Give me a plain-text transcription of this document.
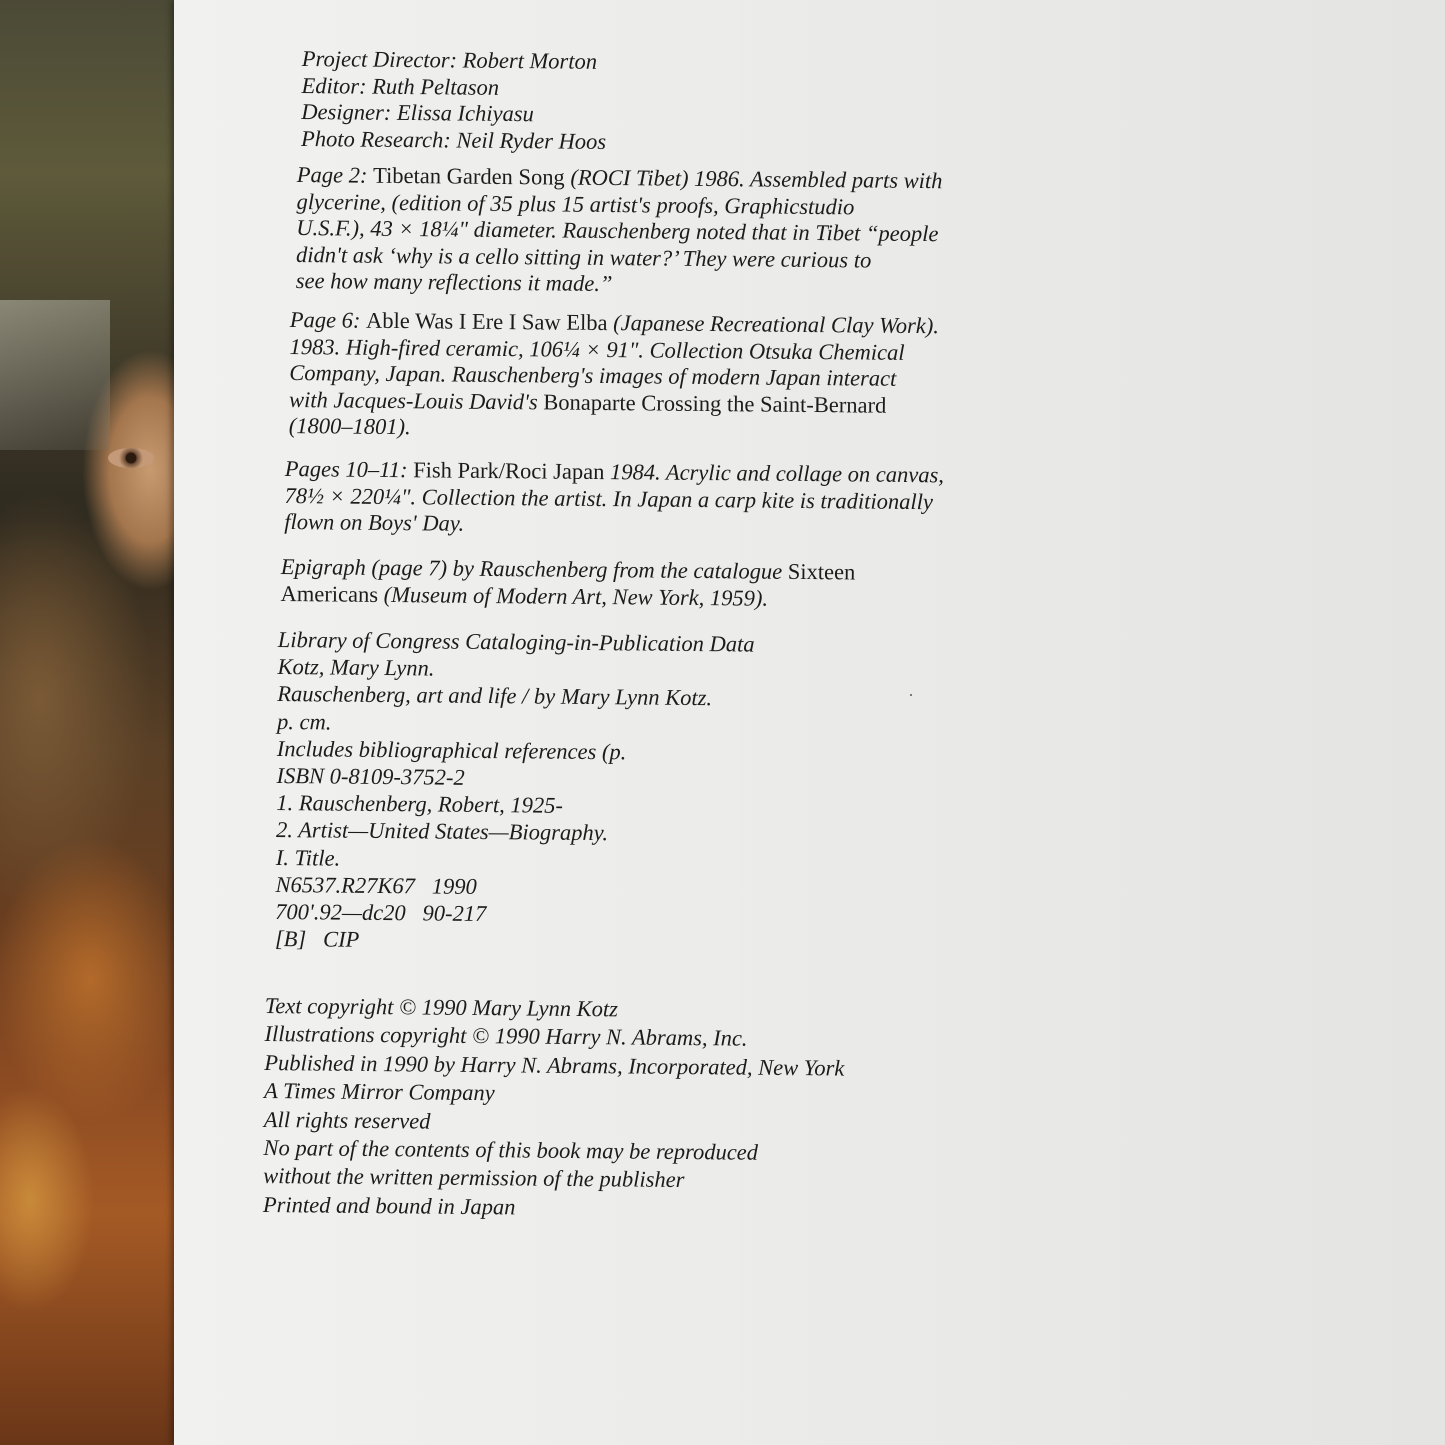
Project Director: Robert Morton
Editor: Ruth Peltason
Designer: Elissa Ichiyasu
Photo Research: Neil Ryder Hoos
Page 2: Tibetan Garden Song (ROCI Tibet) 1986. Assembled parts with
glycerine, (edition of 35 plus 15 artist's proofs, Graphicstudio
U.S.F.), 43 × 18¼" diameter. Rauschenberg noted that in Tibet “people
didn't ask ‘why is a cello sitting in water?’ They were curious to
see how many reflections it made.”
Page 6: Able Was I Ere I Saw Elba (Japanese Recreational Clay Work).
1983. High-fired ceramic, 106¼ × 91". Collection Otsuka Chemical
Company, Japan. Rauschenberg's images of modern Japan interact
with Jacques-Louis David's Bonaparte Crossing the Saint-Bernard
(1800–1801).
Pages 10–11: Fish Park/Roci Japan 1984. Acrylic and collage on canvas,
78½ × 220¼". Collection the artist. In Japan a carp kite is traditionally
flown on Boys' Day.
Epigraph (page 7) by Rauschenberg from the catalogue Sixteen
Americans (Museum of Modern Art, New York, 1959).
Library of Congress Cataloging-in-Publication Data
Kotz, Mary Lynn.
Rauschenberg, art and life / by Mary Lynn Kotz.
p. cm.
Includes bibliographical references (p.
ISBN 0-8109-3752-2
1. Rauschenberg, Robert, 1925-
2. Artist—United States—Biography.
I. Title.
N6537.R27K67   1990
700'.92—dc20   90-217
[B]   CIP
Text copyright © 1990 Mary Lynn Kotz
Illustrations copyright © 1990 Harry N. Abrams, Inc.
Published in 1990 by Harry N. Abrams, Incorporated, New York
A Times Mirror Company
All rights reserved
No part of the contents of this book may be reproduced
without the written permission of the publisher
Printed and bound in Japan
